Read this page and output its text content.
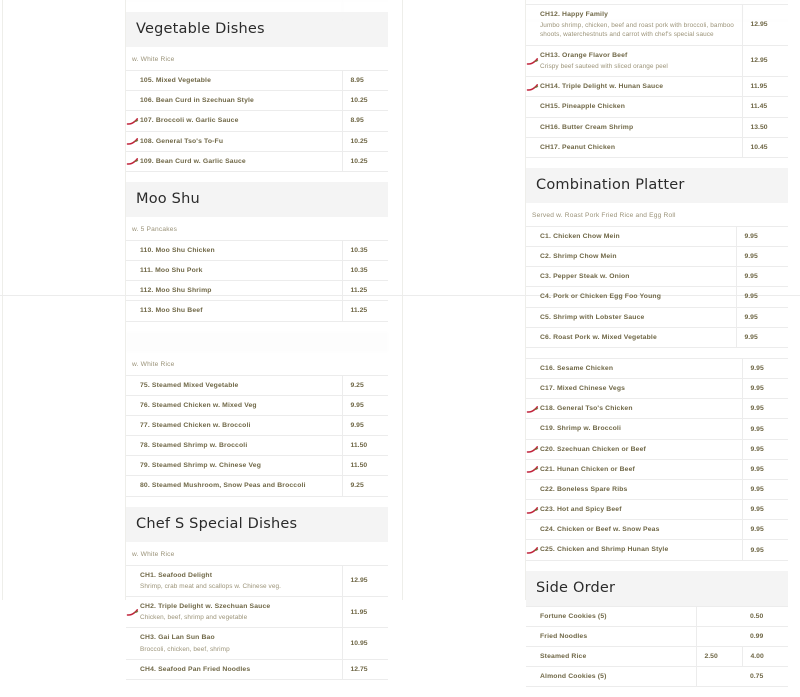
Vegetable Dishes
w. White Rice
105. Mixed Vegetable	8.95

106. Bean Curd in Szechuan Style	10.25

107. Broccoli w. Garlic Sauce	8.95

108. General Tso's To-Fu	10.25

109. Bean Curd w. Garlic Sauce	10.25
Moo Shu
w. 5 Pancakes
110. Moo Shu Chicken	10.35

111. Moo Shu Pork	10.35

112. Moo Shu Shrimp	11.25

113. Moo Shu Beef	11.25
w. White Rice
75. Steamed Mixed Vegetable	9.25

76. Steamed Chicken w. Mixed Veg	9.95

77. Steamed Chicken w. Broccoli	9.95

78. Steamed Shrimp w. Broccoli	11.50

79. Steamed Shrimp w. Chinese Veg	11.50

80. Steamed Mushroom, Snow Peas and Broccoli	9.25
Chef S Special Dishes
w. White Rice
CH1. Seafood Delight
Shrimp, crab meat and scallops w. Chinese veg.	12.95

CH2. Triple Delight w. Szechuan Sauce
Chicken, beef, shrimp and vegetable	11.95

CH3. Gai Lan Sun Bao
Broccoli, chicken, beef, shrimp	10.95

CH4. Seafood Pan Fried Noodles	12.75

CH12. Happy Family
Jumbo shrimp, chicken, beef and roast pork with broccoli, bamboo shoots, waterchestnuts and carrot with chef's special sauce	12.95

CH13. Orange Flavor Beef
Crispy beef sauteed with sliced orange peel	12.95

CH14. Triple Delight w. Hunan Sauce	11.95

CH15. Pineapple Chicken	11.45

CH16. Butter Cream Shrimp	13.50

CH17. Peanut Chicken	10.45
Combination Platter
Served w. Roast Pork Fried Rice and Egg Roll
C1. Chicken Chow Mein	9.95

C2. Shrimp Chow Mein	9.95

C3. Pepper Steak w. Onion	9.95

C4. Pork or Chicken Egg Foo Young	9.95

C5. Shrimp with Lobster Sauce	9.95

C6. Roast Pork w. Mixed Vegetable	9.95
C16. Sesame Chicken	9.95

C17. Mixed Chinese Vegs	9.95

C18. General Tso's Chicken	9.95

C19. Shrimp w. Broccoli	9.95

C20. Szechuan Chicken or Beef	9.95

C21. Hunan Chicken or Beef	9.95

C22. Boneless Spare Ribs	9.95

C23. Hot and Spicy Beef	9.95

C24. Chicken or Beef w. Snow Peas	9.95

C25. Chicken and Shrimp Hunan Style	9.95
Side Order
Fortune Cookies (5)		0.50

Fried Noodles		0.99

Steamed Rice	2.50	4.00

Almond Cookies (5)		0.75
